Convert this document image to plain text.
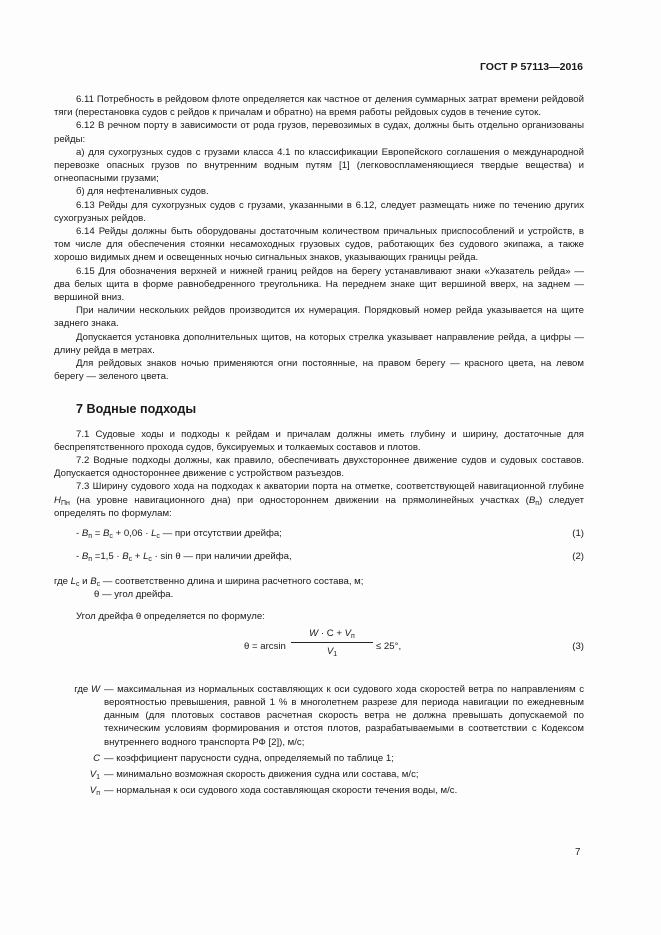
ГОСТ Р 57113—2016

6.11 Потребность в рейдовом флоте определяется как частное от деления суммарных затрат времени рейдовой тяги (перестановка судов с рейдов к причалам и обратно) на время работы рейдовых судов в течение суток.

6.12 В речном порту в зависимости от рода грузов, перевозимых в судах, должны быть отдельно организованы рейды:

а) для сухогрузных судов с грузами класса 4.1 по классификации Европейского соглашения о международной перевозке опасных грузов по внутренним водным путям [1] (легковоспламеняющиеся твердые вещества) и огнеопасными грузами;

б) для нефтеналивных судов.

6.13 Рейды для сухогрузных судов с грузами, указанными в 6.12, следует размещать ниже по течению других сухогрузных рейдов.

6.14 Рейды должны быть оборудованы достаточным количеством причальных приспособлений и устройств, в том числе для обеспечения стоянки несамоходных грузовых судов, работающих без судового экипажа, а также хорошо видимых днем и освещенных ночью сигнальных знаков, указывающих границы рейда.

6.15 Для обозначения верхней и нижней границ рейдов на берегу устанавливают знаки «Указатель рейда» — два белых щита в форме равнобедренного треугольника. На переднем знаке щит вершиной вверх, на заднем — вершиной вниз.

При наличии нескольких рейдов производится их нумерация. Порядковый номер рейда указывается на щите заднего знака.

Допускается установка дополнительных щитов, на которых стрелка указывает направление рейда, а цифры — длину рейда в метрах.

Для рейдовых знаков ночью применяются огни постоянные, на правом берегу — красного цвета, на левом берегу — зеленого цвета.

7 Водные подходы

7.1 Судовые ходы и подходы к рейдам и причалам должны иметь глубину и ширину, достаточные для беспрепятственного прохода судов, буксируемых и толкаемых составов и плотов.

7.2 Водные подходы должны, как правило, обеспечивать двухстороннее движение судов и судовых составов. Допускается одностороннее движение с устройством разъездов.

7.3 Ширину судового хода на подходах к акватории порта на отметке, соответствующей навигационной глубине $H_{Пн}$ (на уровне навигационного дна) при одностороннем движении на прямолинейных участках $(B_п)$ следует определять по формулам:

- $B_п = B_с + 0,06 \cdot L_с$ — при отсутствии дрейфа;	(1)
- $B_п =1,5 \cdot B_с + L_с \cdot \sin \theta$ — при наличии дрейфа,	(2)
где $L_с$ и $B_с$ — соответственно длина и ширина расчетного состава, м;
θ — угол дрейфа.

Угол дрейфа θ определяется по формуле:

θ = arcsin
$W \cdot C + V_п$
$V_1$
≤ 25°,	(3)
где W — максимальная из нормальных составляющих к оси судового хода скоростей ветра по направлениям с вероятностью превышения, равной 1 % в многолетнем разрезе для периода навигации по ежедневным данным (для плотовых составов расчетная скорость ветра не должна превышать допускаемой по техническим условиям формирования и отстоя плотов, разрабатываемыми в соответствии с Кодексом внутреннего водного транспорта РФ [2]), м/с;
C — коэффициент парусности судна, определяемый по таблице 1;
$V_1$ — минимально возможная скорость движения судна или состава, м/с;
$V_п$ — нормальная к оси судового хода составляющая скорости течения воды, м/с.
7
